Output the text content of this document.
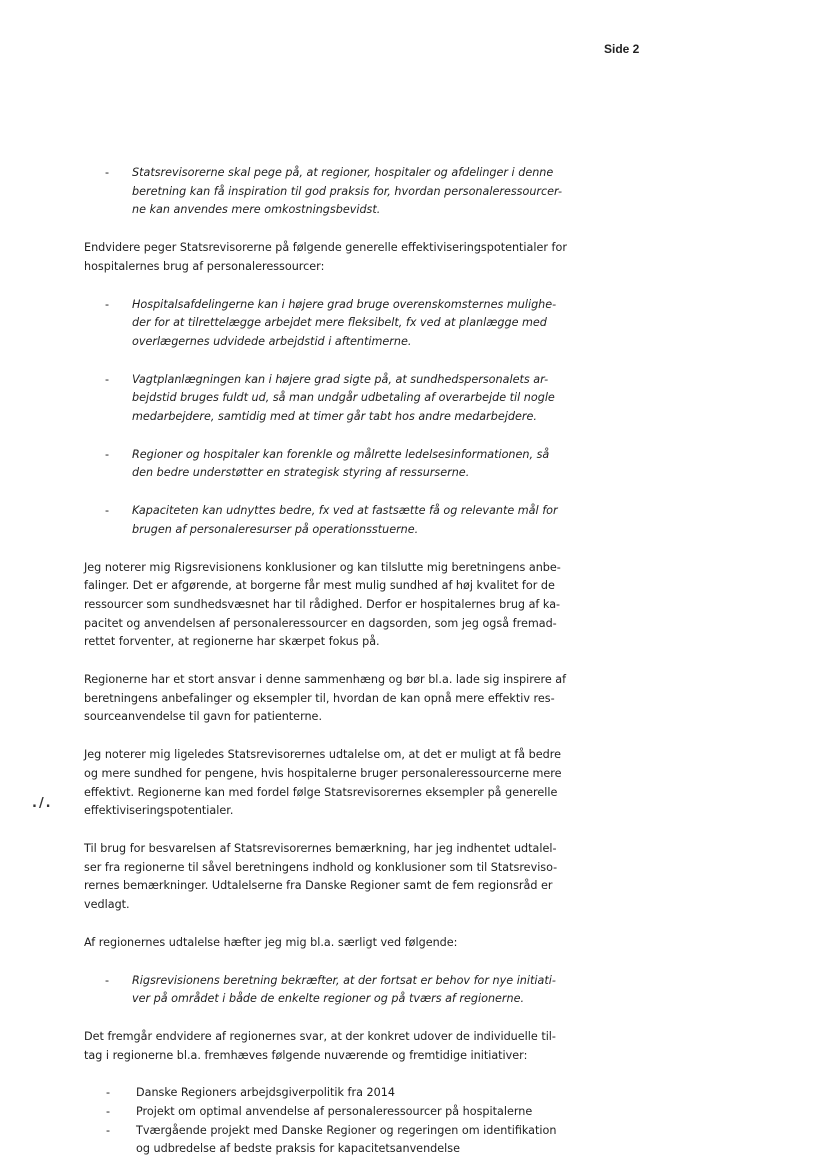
Side 2
./.
- Statsrevisorerne skal pege på, at regioner, hospitaler og afdelinger i denne beretning kan få inspiration til god praksis for, hvordan personaleressourcer-ne kan anvendes mere omkostningsbevidst.

Endvidere peger Statsrevisorerne på følgende generelle effektiviseringspotentialer for hospitalernes brug af personaleressourcer:

- Hospitalsafdelingerne kan i højere grad bruge overenskomsternes mulighe-der for at tilrettelægge arbejdet mere fleksibelt, fx ved at planlægge med overlægernes udvidede arbejdstid i aftentimerne.
- Vagtplanlægningen kan i højere grad sigte på, at sundhedspersonalets ar-bejdstid bruges fuldt ud, så man undgår udbetaling af overarbejde til nogle medarbejdere, samtidig med at timer går tabt hos andre medarbejdere.
- Regioner og hospitaler kan forenkle og målrette ledelsesinformationen, så den bedre understøtter en strategisk styring af ressurserne.
- Kapaciteten kan udnyttes bedre, fx ved at fastsætte få og relevante mål for brugen af personaleresurser på operationsstuerne.

Jeg noterer mig Rigsrevisionens konklusioner og kan tilslutte mig beretningens anbe-falinger. Det er afgørende, at borgerne får mest mulig sundhed af høj kvalitet for de ressourcer som sundhedsvæsnet har til rådighed. Derfor er hospitalernes brug af ka-pacitet og anvendelsen af personaleressourcer en dagsorden, som jeg også fremad-rettet forventer, at regionerne har skærpet fokus på.

Regionerne har et stort ansvar i denne sammenhæng og bør bl.a. lade sig inspirere af beretningens anbefalinger og eksempler til, hvordan de kan opnå mere effektiv res-sourceanvendelse til gavn for patienterne.

Jeg noterer mig ligeledes Statsrevisorernes udtalelse om, at det er muligt at få bedre og mere sundhed for pengene, hvis hospitalerne bruger personaleressourcerne mere effektivt. Regionerne kan med fordel følge Statsrevisorernes eksempler på generelle effektiviseringspotentialer.

Til brug for besvarelsen af Statsrevisorernes bemærkning, har jeg indhentet udtalel-ser fra regionerne til såvel beretningens indhold og konklusioner som til Statsreviso-rernes bemærkninger. Udtalelserne fra Danske Regioner samt de fem regionsråd er vedlagt.

Af regionernes udtalelse hæfter jeg mig bl.a. særligt ved følgende:

- Rigsrevisionens beretning bekræfter, at der fortsat er behov for nye initiati-ver på området i både de enkelte regioner og på tværs af regionerne.

Det fremgår endvidere af regionernes svar, at der konkret udover de individuelle til-tag i regionerne bl.a. fremhæves følgende nuværende og fremtidige initiativer:

- Danske Regioners arbejdsgiverpolitik fra 2014
- Projekt om optimal anvendelse af personaleressourcer på hospitalerne
- Tværgående projekt med Danske Regioner og regeringen om identifikation og udbredelse af bedste praksis for kapacitetsanvendelse
